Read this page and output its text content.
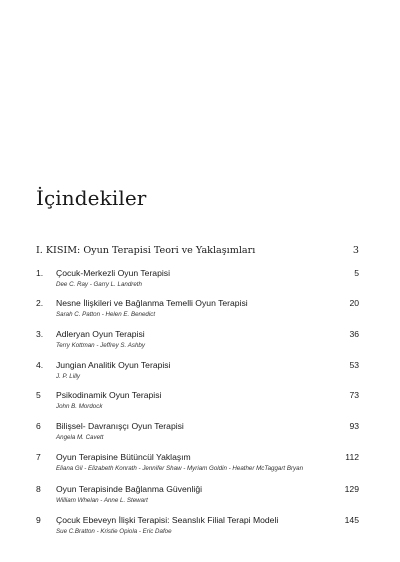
İçindekiler
I. KISIM: Oyun Terapisi Teori ve Yaklaşımları	3
1. Çocuk-Merkezli Oyun Terapisi	5
Dee C. Ray - Garry L. Landreth
2. Nesne İlişkileri ve Bağlanma Temelli Oyun Terapisi	20
Sarah C. Patton - Helen E. Benedict
3. Adleryan Oyun Terapisi	36
Terry Kottman - Jeffrey S. Ashby
4. Jungian Analitik Oyun Terapisi	53
J. P. Lilly
5 Psikodinamik Oyun Terapisi	73
John B. Mordock
6 Bilişsel- Davranışçı Oyun Terapisi	93
Angela M. Cavett
7 Oyun Terapisine Bütüncül Yaklaşım	112
Eliana Gil - Elizabeth Konrath - Jennifer Shaw - Myriam Goldin - Heather McTaggart Bryan
8 Oyun Terapisinde Bağlanma Güvenliği	129
William Whelan - Anne L. Stewart
9 Çocuk Ebeveyn İlişki Terapisi: Seanslık Filial Terapi Modeli	145
Sue C.Bratton - Kristie Opiola - Eric Dafoe
